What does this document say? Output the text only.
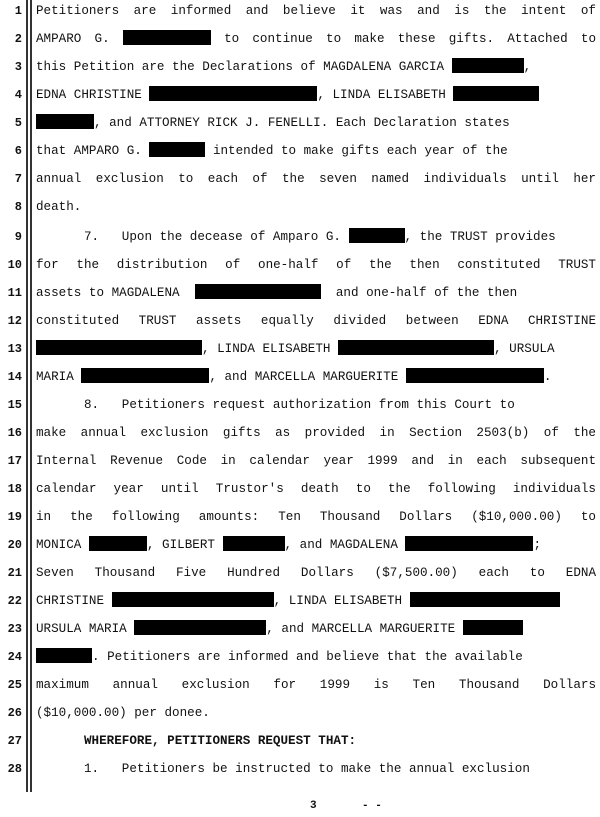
1 Petitioners are informed and believe it was and is the intent of
2 AMPARO G.	to continue to make these gifts. Attached to
3 this Petition are the Declarations of MAGDALENA GARCIA	,
4 EDNA CHRISTINE	, LINDA ELISABETH
5	, and ATTORNEY RICK J. FENELLI. Each Declaration states
6 that AMPARO G.	intended to make gifts each year of the
7 annual exclusion to each of the seven named individuals until her
8 death.
9	7.   Upon the decease of Amparo G.	, the TRUST provides
10 for the distribution of one-half of the then constituted TRUST
11 assets to MAGDALENA	and one-half of the then
12 constituted TRUST assets equally divided between EDNA CHRISTINE
13	, LINDA ELISABETH	, URSULA
14 MARIA	, and MARCELLA MARGUERITE	.
15	8.   Petitioners request authorization from this Court to
16 make annual exclusion gifts as provided in Section 2503(b) of the
17 Internal Revenue Code in calendar year 1999 and in each subsequent
18 calendar year until Trustor's death to the following individuals
19 in the following amounts: Ten Thousand Dollars ($10,000.00) to
20 MONICA	, GILBERT	, and MAGDALENA	;
21 Seven Thousand Five Hundred Dollars ($7,500.00) each to EDNA
22 CHRISTINE	, LINDA ELISABETH
23 URSULA MARIA	, and MARCELLA MARGUERITE
24	. Petitioners are informed and believe that the available
25 maximum annual exclusion for 1999 is Ten Thousand Dollars
26 ($10,000.00) per donee.
27	WHEREFORE, PETITIONERS REQUEST THAT:
28	1.   Petitioners be instructed to make the annual exclusion
3	- -
